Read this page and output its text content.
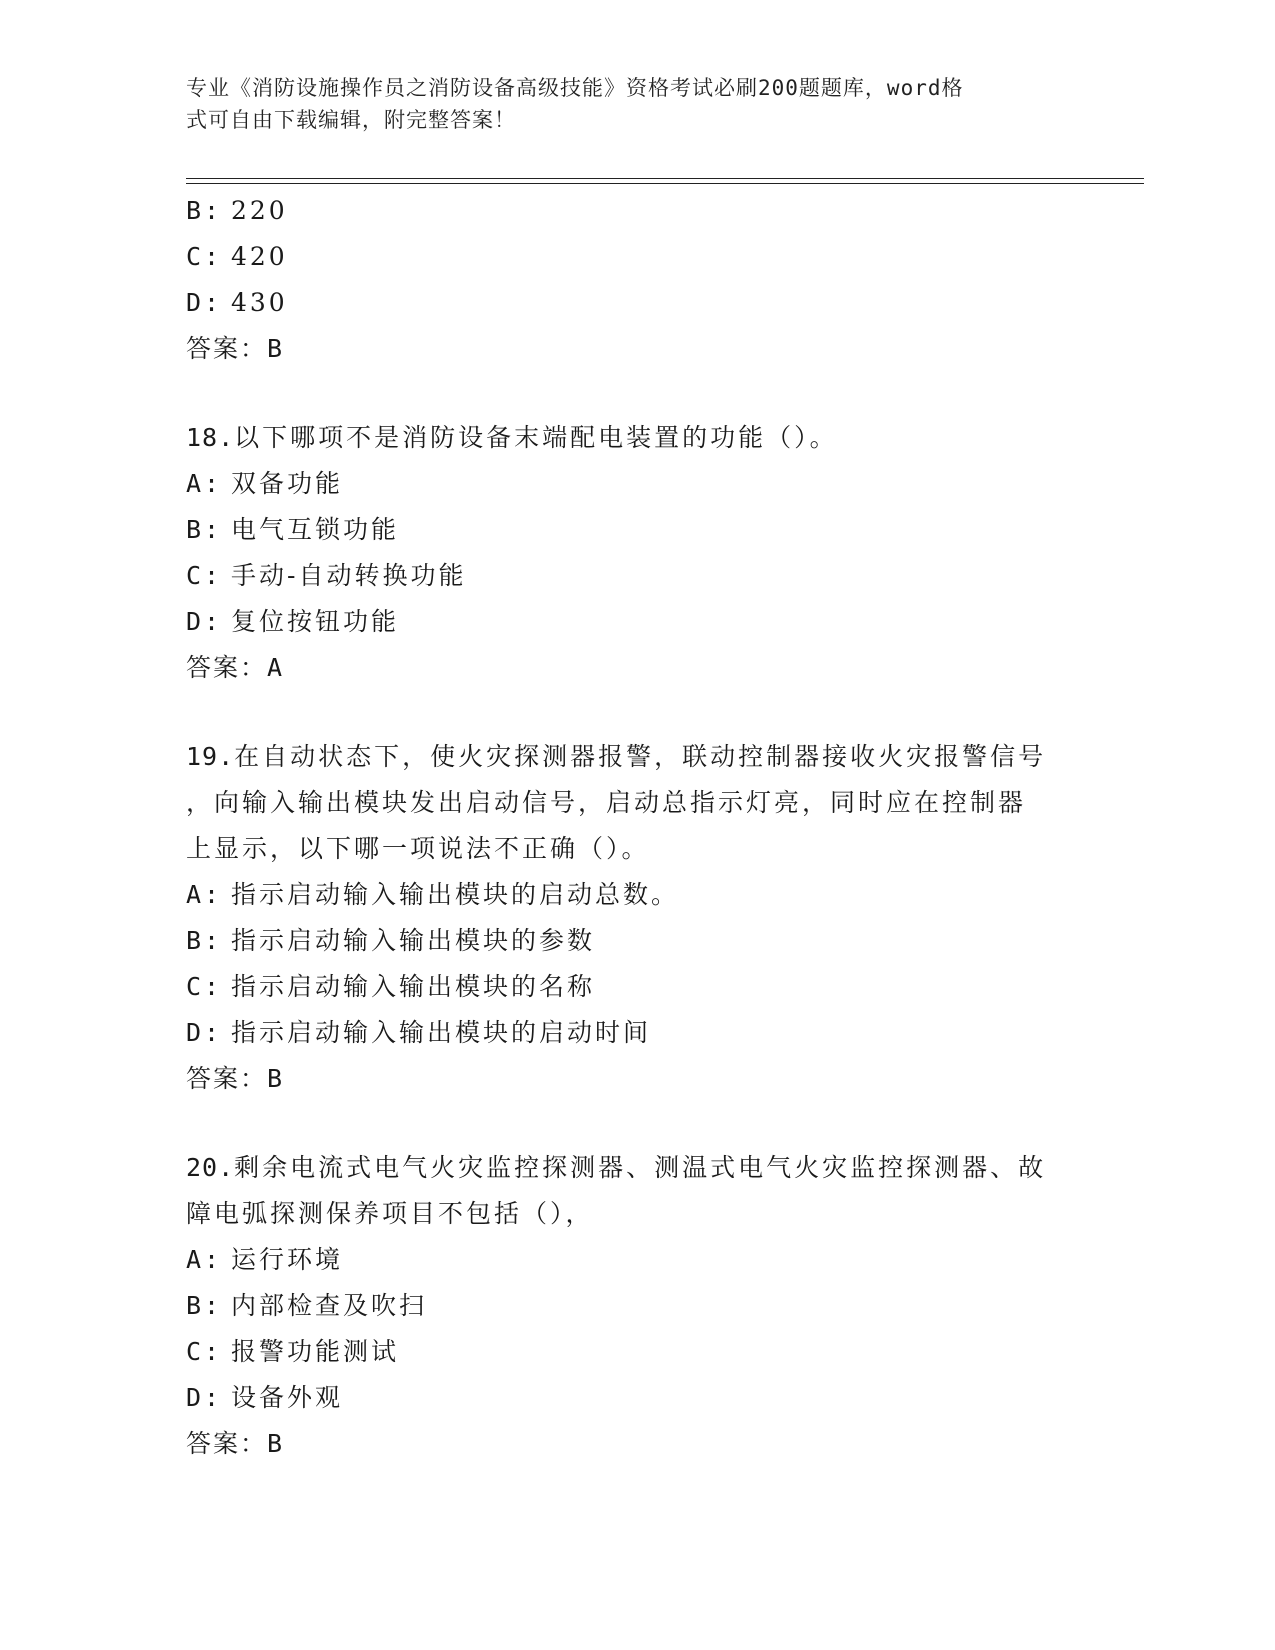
专业《消防设施操作员之消防设备高级技能》资格考试必刷200题题库，word格
式可自由下载编辑，附完整答案！
B: 220
C: 420
D: 430
答案：B
18.以下哪项不是消防设备末端配电装置的功能（）。
A: 双备功能
B: 电气互锁功能
C: 手动-自动转换功能
D: 复位按钮功能
答案：A
19.在自动状态下，使火灾探测器报警，联动控制器接收火灾报警信号
，向输入输出模块发出启动信号，启动总指示灯亮，同时应在控制器
上显示，以下哪一项说法不正确（）。
A: 指示启动输入输出模块的启动总数。
B: 指示启动输入输出模块的参数
C: 指示启动输入输出模块的名称
D: 指示启动输入输出模块的启动时间
答案：B
20.剩余电流式电气火灾监控探测器、测温式电气火灾监控探测器、故
障电弧探测保养项目不包括（），
A: 运行环境
B: 内部检查及吹扫
C: 报警功能测试
D: 设备外观
答案：B
